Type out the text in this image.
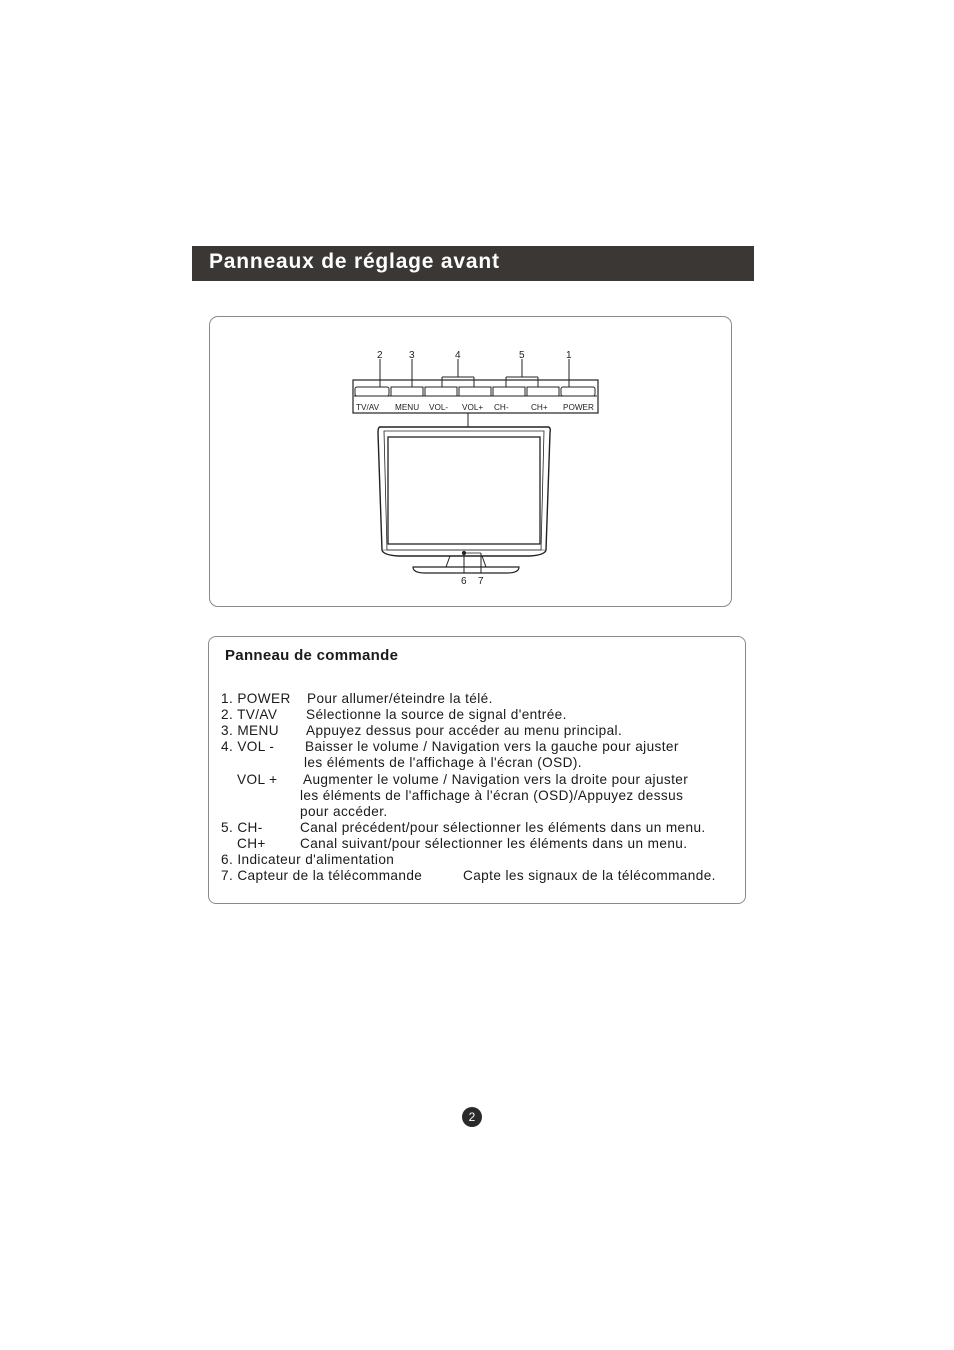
Panneaux de réglage avant
2	3	4	5	1
6 7
TV/AV MENU VOL- VOL+ CH-	CH+ POWER
Panneau de commande
1. POWER Pour allumer/éteindre la télé.
2. TV/AV Sélectionne la source de signal d'entrée.
3. MENU Appuyez dessus pour accéder au menu principal.
4. VOL - Baisser le volume / Navigation vers la gauche pour ajuster
les éléments de l'affichage à l'écran (OSD).
VOL + Augmenter le volume / Navigation vers la droite pour ajuster
les éléments de l'affichage à l'écran (OSD)/Appuyez dessus
pour accéder.
5. CH-	Canal précédent/pour sélectionner les éléments dans un menu.
CH+	Canal suivant/pour sélectionner les éléments dans un menu.
6. Indicateur d'alimentation
7. Capteur de la télécommande	Capte les signaux de la télécommande.
2
